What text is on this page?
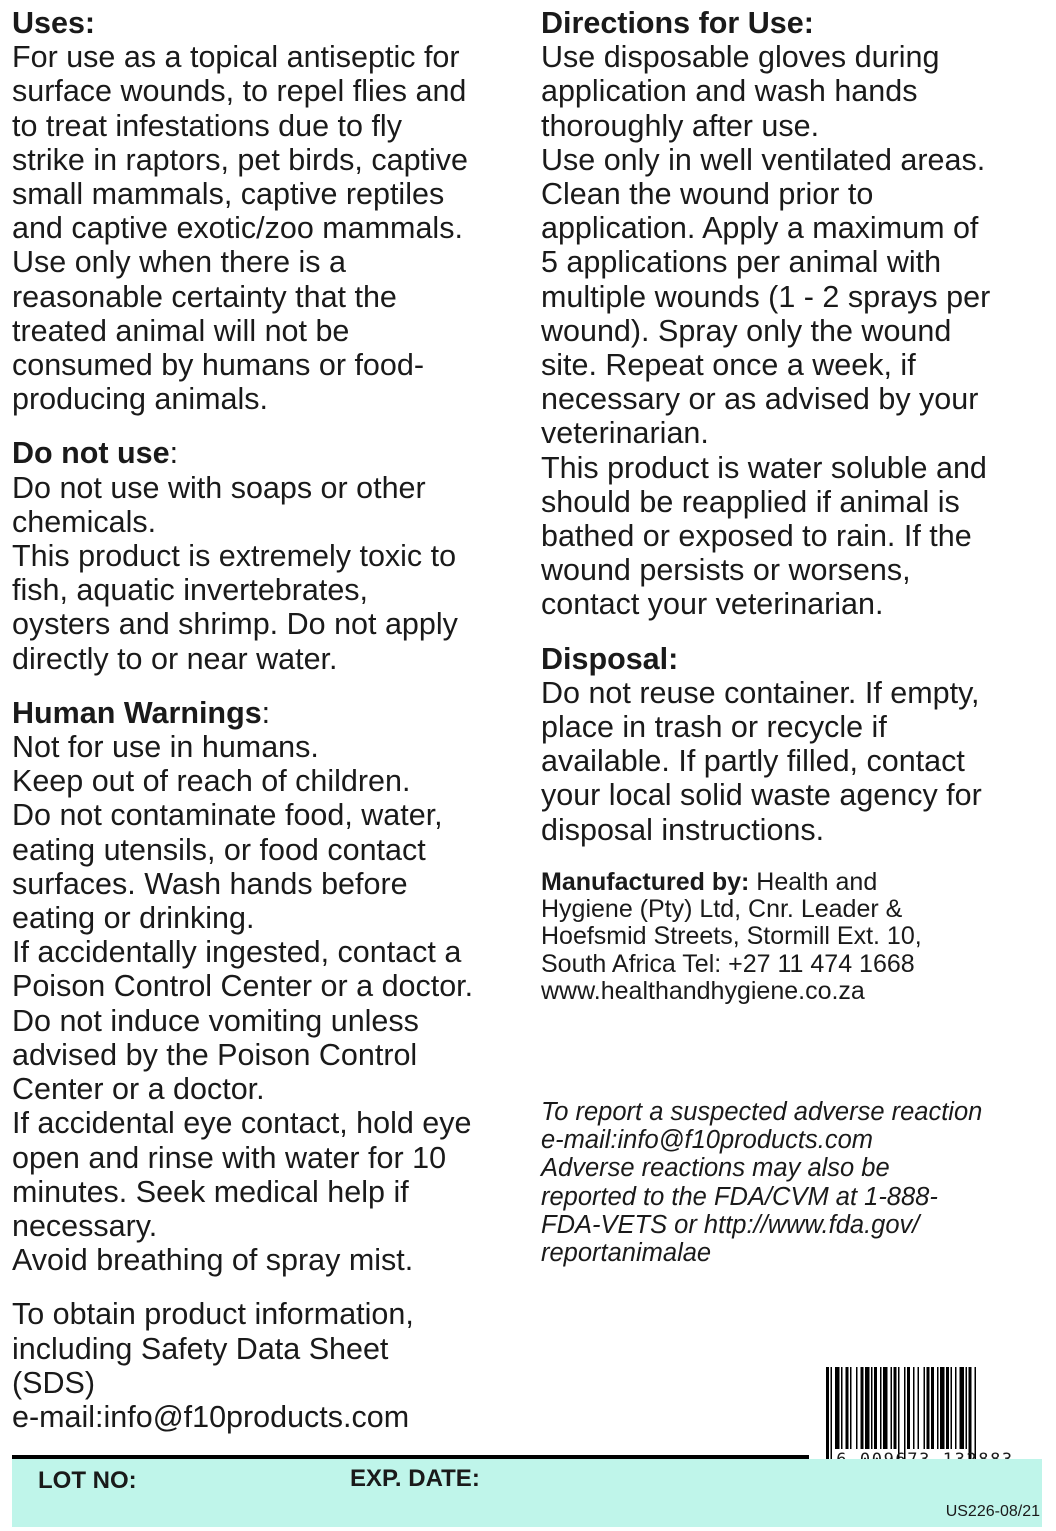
Uses:
For use as a topical antiseptic for
surface wounds, to repel flies and
to treat infestations due to fly
strike in raptors, pet birds, captive
small mammals, captive reptiles
and captive exotic/zoo mammals.
Use only when there is a
reasonable certainty that the
treated animal will not be
consumed by humans or food-
producing animals.
Do not use:
Do not use with soaps or other
chemicals.
This product is extremely toxic to
fish, aquatic invertebrates,
oysters and shrimp. Do not apply
directly to or near water.
Human Warnings:
Not for use in humans.
Keep out of reach of children.
Do not contaminate food, water,
eating utensils, or food contact
surfaces. Wash hands before
eating or drinking.
If accidentally ingested, contact a
Poison Control Center or a doctor.
Do not induce vomiting unless
advised by the Poison Control
Center or a doctor.
If accidental eye contact, hold eye
open and rinse with water for 10
minutes. Seek medical help if
necessary.
Avoid breathing of spray mist.
To obtain product information,
including Safety Data Sheet
(SDS)
e-mail:info@f10products.com
Directions for Use:
Use disposable gloves during
application and wash hands
thoroughly after use.
Use only in well ventilated areas.
Clean the wound prior to
application. Apply a maximum of
5 applications per animal with
multiple wounds (1 - 2 sprays per
wound). Spray only the wound
site. Repeat once a week, if
necessary or as advised by your
veterinarian.
This product is water soluble and
should be reapplied if animal is
bathed or exposed to rain. If the
wound persists or worsens,
contact your veterinarian.
Disposal:
Do not reuse container. If empty,
place in trash or recycle if
available. If partly filled, contact
your local solid waste agency for
disposal instructions.
Manufactured by: Health and
Hygiene (Pty) Ltd, Cnr. Leader &
Hoefsmid Streets, Stormill Ext. 10,
South Africa Tel: +27 11 474 1668
www.healthandhygiene.co.za
To report a suspected adverse reaction
e-mail:info@f10products.com
Adverse reactions may also be
reported to the FDA/CVM at 1-888-
FDA-VETS or http://www.fda.gov/
reportanimalae
LOT NO:	EXP. DATE:
US226-08/21
